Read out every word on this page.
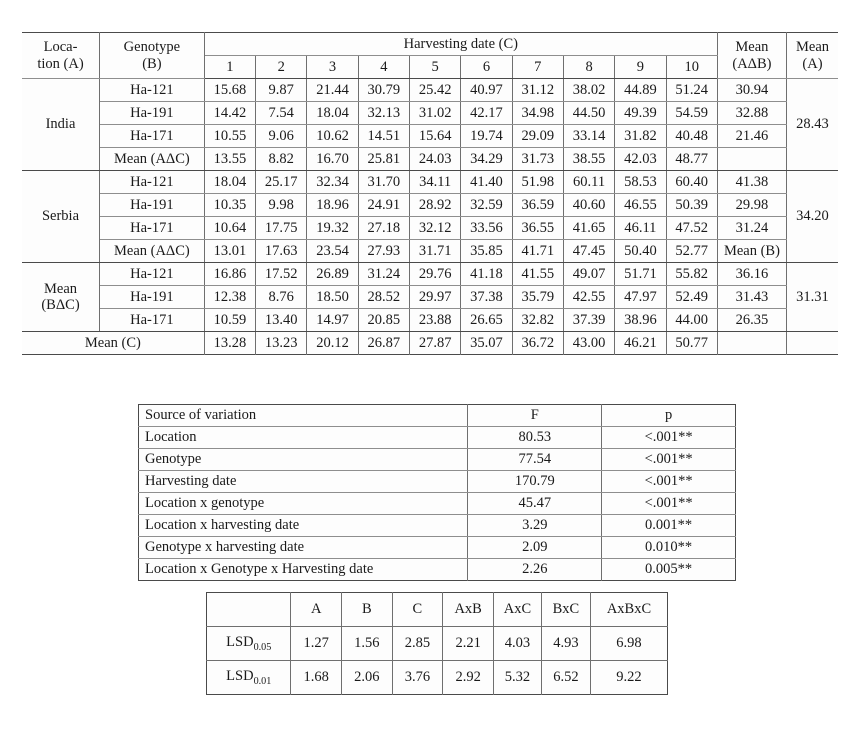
Loca-
tion (A)	Genotype
(B)	Harvesting date (C)										Mean
(AΔB)	Mean
(A)
		1	2	3	4	5	6	7	8	9	10		
India	Ha-121	15.68	9.87	21.44	30.79	25.42	40.97	31.12	38.02	44.89	51.24	30.94	28.43
	Ha-191	14.42	7.54	18.04	32.13	31.02	42.17	34.98	44.50	49.39	54.59	32.88	
	Ha-171	10.55	9.06	10.62	14.51	15.64	19.74	29.09	33.14	31.82	40.48	21.46	
	Mean (AΔC)	13.55	8.82	16.70	25.81	24.03	34.29	31.73	38.55	42.03	48.77		
Serbia	Ha-121	18.04	25.17	32.34	31.70	34.11	41.40	51.98	60.11	58.53	60.40	41.38	34.20
	Ha-191	10.35	9.98	18.96	24.91	28.92	32.59	36.59	40.60	46.55	50.39	29.98	
	Ha-171	10.64	17.75	19.32	27.18	32.12	33.56	36.55	41.65	46.11	47.52	31.24	
	Mean (AΔC)	13.01	17.63	23.54	27.93	31.71	35.85	41.71	47.45	50.40	52.77	Mean (B)	
Mean
(BΔC)	Ha-121	16.86	17.52	26.89	31.24	29.76	41.18	41.55	49.07	51.71	55.82	36.16	31.31
	Ha-191	12.38	8.76	18.50	28.52	29.97	37.38	35.79	42.55	47.97	52.49	31.43	
	Ha-171	10.59	13.40	14.97	20.85	23.88	26.65	32.82	37.39	38.96	44.00	26.35	
Mean (C)		13.28	13.23	20.12	26.87	27.87	35.07	36.72	43.00	46.21	50.77		
Source of variation	F	p
Location	80.53	<.001**
Genotype	77.54	<.001**
Harvesting date	170.79	<.001**
Location x genotype	45.47	<.001**
Location x harvesting date	3.29	0.001**
Genotype x harvesting date	2.09	0.010**
Location x Genotype x Harvesting date	2.26	0.005**
	A	B	C	AxB	AxC	BxC	AxBxC
$LSD_{0.05}$	1.27	1.56	2.85	2.21	4.03	4.93	6.98
$LSD_{0.01}$	1.68	2.06	3.76	2.92	5.32	6.52	9.22
